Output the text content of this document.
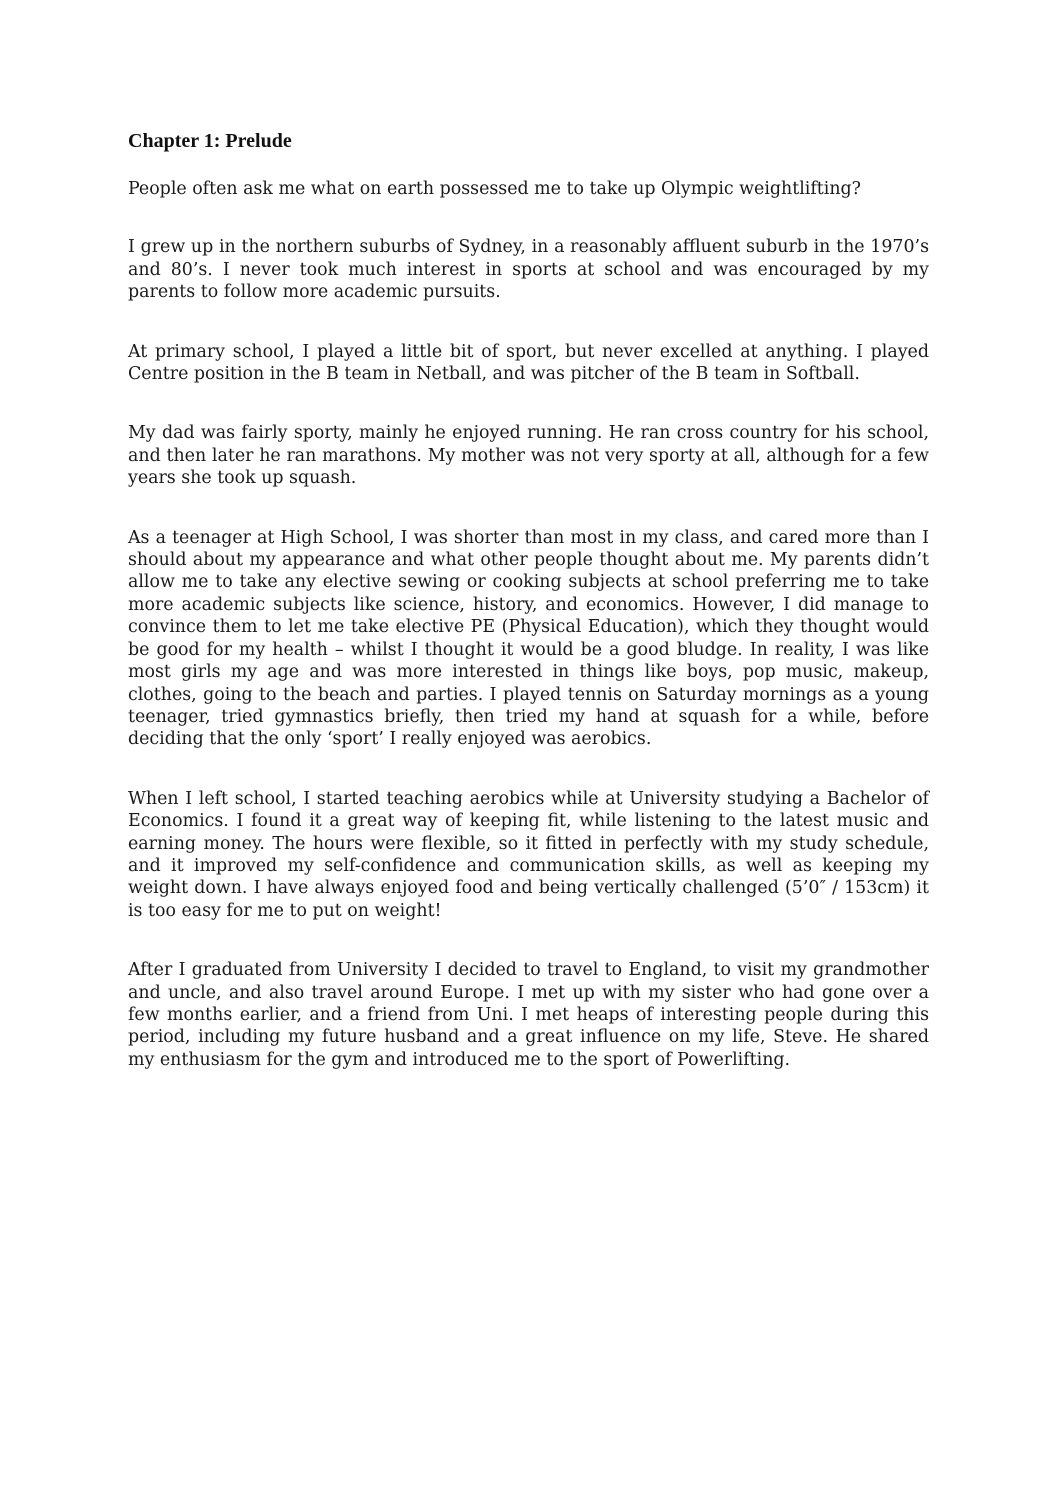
Chapter 1: Prelude

People often ask me what on earth possessed me to take up Olympic weightlifting?

I grew up in the northern suburbs of Sydney, in a reasonably affluent suburb in the 1970’s and 80’s. I never took much interest in sports at school and was encouraged by my parents to follow more academic pursuits.

At primary school, I played a little bit of sport, but never excelled at anything. I played Centre position in the B team in Netball, and was pitcher of the B team in Softball.

My dad was fairly sporty, mainly he enjoyed running. He ran cross country for his school, and then later he ran marathons. My mother was not very sporty at all, although for a few years she took up squash.

As a teenager at High School, I was shorter than most in my class, and cared more than I should about my appearance and what other people thought about me. My parents didn’t allow me to take any elective sewing or cooking subjects at school preferring me to take more academic subjects like science, history, and economics. However, I did manage to convince them to let me take elective PE (Physical Education), which they thought would be good for my health – whilst I thought it would be a good bludge. In reality, I was like most girls my age and was more interested in things like boys, pop music, makeup, clothes, going to the beach and parties. I played tennis on Saturday mornings as a young teenager, tried gymnastics briefly, then tried my hand at squash for a while, before deciding that the only ‘sport’ I really enjoyed was aerobics.

When I left school, I started teaching aerobics while at University studying a Bachelor of Economics. I found it a great way of keeping fit, while listening to the latest music and earning money. The hours were flexible, so it fitted in perfectly with my study schedule, and it improved my self-confidence and communication skills, as well as keeping my weight down. I have always enjoyed food and being vertically challenged (5’0″ / 153cm) it is too easy for me to put on weight!

After I graduated from University I decided to travel to England, to visit my grandmother and uncle, and also travel around Europe. I met up with my sister who had gone over a few months earlier, and a friend from Uni. I met heaps of interesting people during this period, including my future husband and a great influence on my life, Steve. He shared my enthusiasm for the gym and introduced me to the sport of Powerlifting.
